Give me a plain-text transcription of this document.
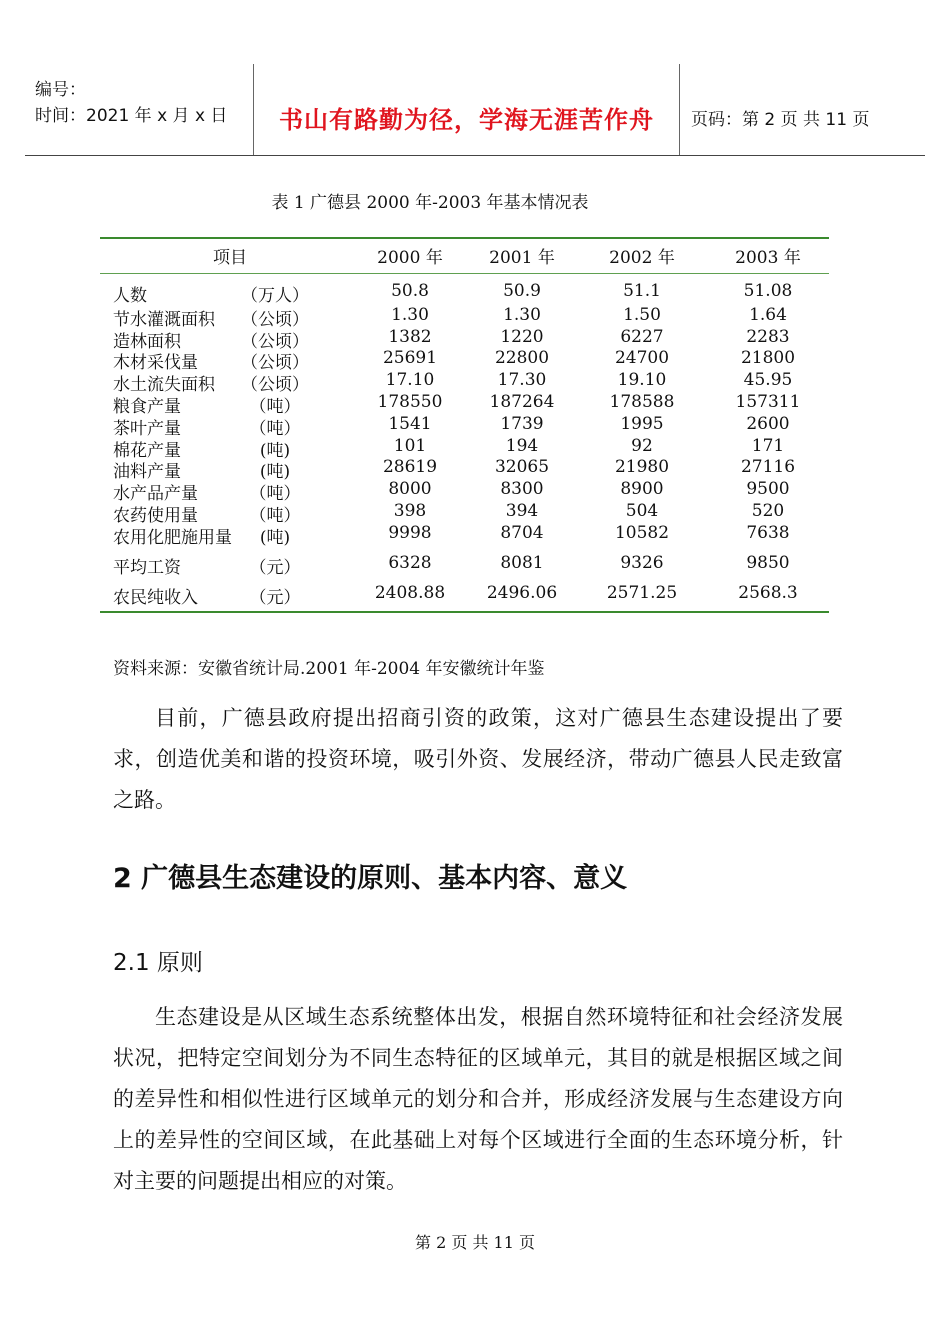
编号：
时间：2021 年 x 月 x 日	书山有路勤为径，学海无涯苦作舟	页码：第 2 页 共 11 页
表 1 广德县 2000 年-2003 年基本情况表
项目	2000 年	2001 年	2002 年	2003 年
人数	（万人）	50.8	50.9	51.1	51.08
节水灌溉面积 （公顷）	1.30	1.30	1.50	1.64
造林面积	（公顷）	1382	1220	6227	2283
木材采伐量	（公顷）	25691	22800	24700	21800
水土流失面积 （公顷）	17.10	17.30	19.10	45.95
粮食产量	（吨）	178550	187264	178588	157311
茶叶产量	（吨）	1541	1739	1995	2600
棉花产量	(吨)	101	194	92	171
油料产量	(吨)	28619	32065	21980	27116
水产品产量	（吨）	8000	8300	8900	9500
农药使用量	（吨）	398	394	504	520
农用化肥施用量	(吨)	9998	8704	10582	7638
平均工资	（元）	6328	8081	9326	9850
农民纯收入	（元）	2408.88	2496.06	2571.25	2568.3
资料来源：安徽省统计局.2001 年-2004 年安徽统计年鉴
目前，广德县政府提出招商引资的政策，这对广德县生态建设提出了要求，创造优美和谐的投资环境，吸引外资、发展经济，带动广德县人民走致富之路。
2 广德县生态建设的原则、基本内容、意义
2.1 原则
生态建设是从区域生态系统整体出发，根据自然环境特征和社会经济发展状况，把特定空间划分为不同生态特征的区域单元，其目的就是根据区域之间的差异性和相似性进行区域单元的划分和合并，形成经济发展与生态建设方向上的差异性的空间区域，在此基础上对每个区域进行全面的生态环境分析，针对主要的问题提出相应的对策。
第 2 页 共 11 页
